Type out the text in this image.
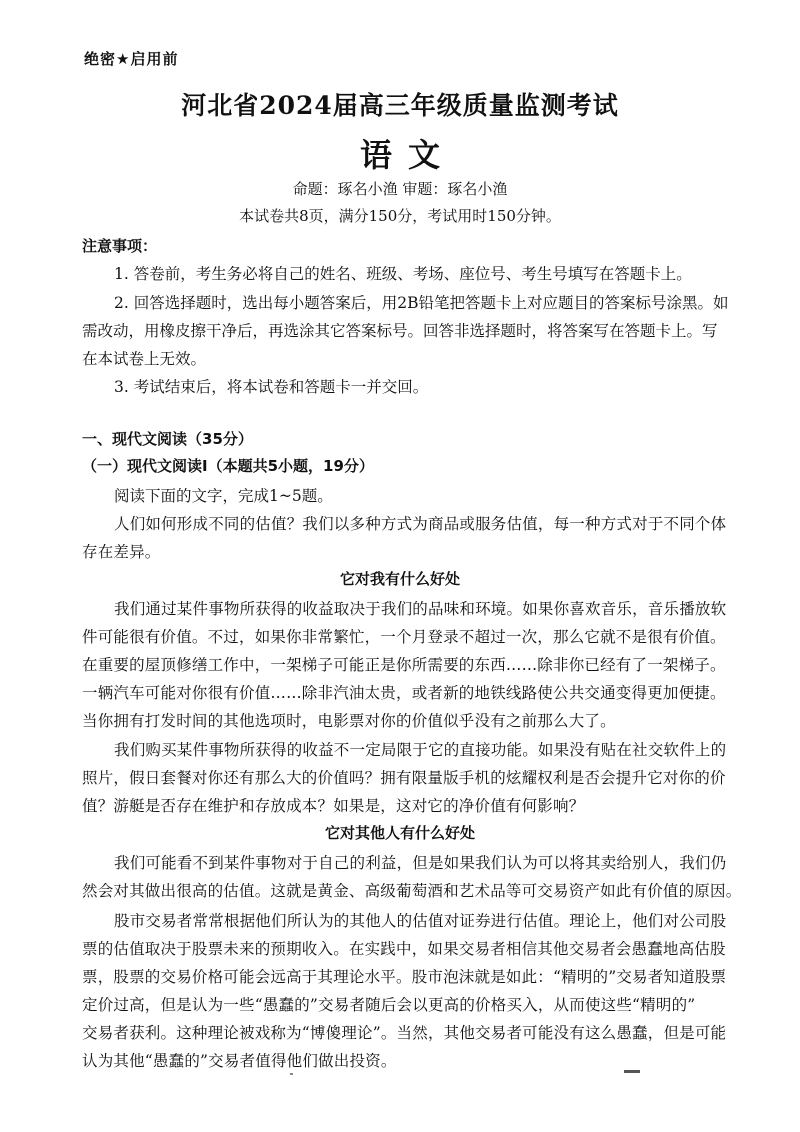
绝密★启用前
河北省2024届高三年级质量监测考试
语文
命题：琢名小渔 审题：琢名小渔
本试卷共8页，满分150分，考试用时150分钟。
注意事项：
1. 答卷前，考生务必将自己的姓名、班级、考场、座位号、考生号填写在答题卡上。
2. 回答选择题时，选出每小题答案后，用2B铅笔把答题卡上对应题目的答案标号涂黑。如
需改动，用橡皮擦干净后，再选涂其它答案标号。回答非选择题时，将答案写在答题卡上。写
在本试卷上无效。
3. 考试结束后，将本试卷和答题卡一并交回。
一、现代文阅读（35分）
（一）现代文阅读Ⅰ（本题共5小题，19分）
阅读下面的文字，完成1~5题。
人们如何形成不同的估值？我们以多种方式为商品或服务估值，每一种方式对于不同个体
存在差异。
它对我有什么好处
我们通过某件事物所获得的收益取决于我们的品味和环境。如果你喜欢音乐，音乐播放软
件可能很有价值。不过，如果你非常繁忙，一个月登录不超过一次，那么它就不是很有价值。
在重要的屋顶修缮工作中，一架梯子可能正是你所需要的东西……除非你已经有了一架梯子。
一辆汽车可能对你很有价值……除非汽油太贵，或者新的地铁线路使公共交通变得更加便捷。
当你拥有打发时间的其他选项时，电影票对你的价值似乎没有之前那么大了。
我们购买某件事物所获得的收益不一定局限于它的直接功能。如果没有贴在社交软件上的
照片，假日套餐对你还有那么大的价值吗？拥有限量版手机的炫耀权利是否会提升它对你的价
值？游艇是否存在维护和存放成本？如果是，这对它的净价值有何影响？
它对其他人有什么好处
我们可能看不到某件事物对于自己的利益，但是如果我们认为可以将其卖给别人，我们仍
然会对其做出很高的估值。这就是黄金、高级葡萄酒和艺术品等可交易资产如此有价值的原因。
股市交易者常常根据他们所认为的其他人的估值对证券进行估值。理论上，他们对公司股
票的估值取决于股票未来的预期收入。在实践中，如果交易者相信其他交易者会愚蠢地高估股
票，股票的交易价格可能会远高于其理论水平。股市泡沫就是如此：“精明的”交易者知道股票
定价过高，但是认为一些“愚蠢的”交易者随后会以更高的价格买入，从而使这些“精明的”
交易者获利。这种理论被戏称为“博傻理论”。当然，其他交易者可能没有这么愚蠢，但是可能
认为其他“愚蠢的”交易者值得他们做出投资。
